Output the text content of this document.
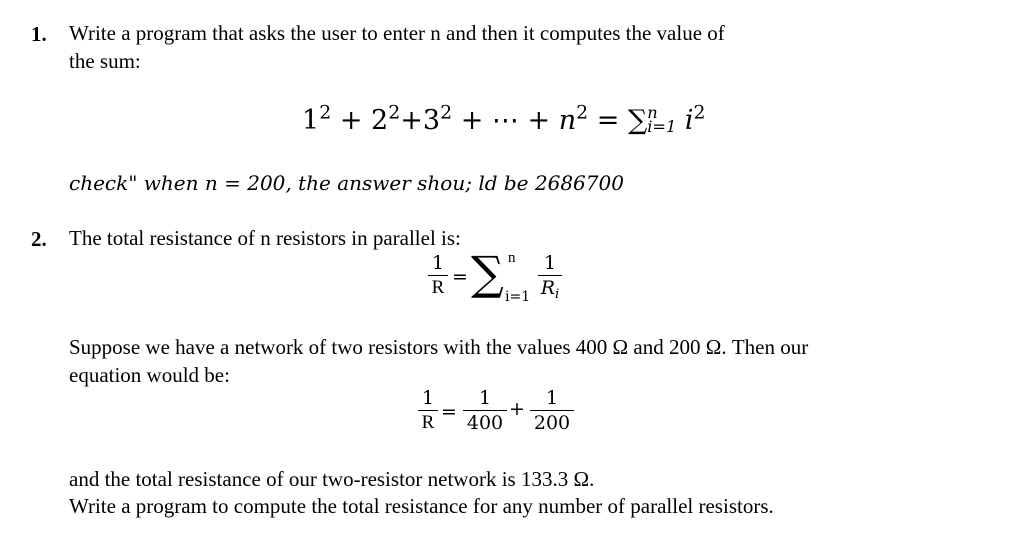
1. Write a program that asks the user to enter n and then it computes the value of
the sum:
$1^2 + 2^2+3^2$ + ⋯ + $n^2$ = ∑ n
i=1 $i^2$
check" when n = 200, the answer shou; ld be 2686700
2. The total resistance of n resistors in parallel is:
1
R = ∑ n
i=1
1
$R_i$
Suppose we have a network of two resistors with the values 400 Ω and 200 Ω. Then our
equation would be:
1
R =
1
400
+	1
200
and the total resistance of our two-resistor network is 133.3 Ω.
Write a program to compute the total resistance for any number of parallel resistors.
